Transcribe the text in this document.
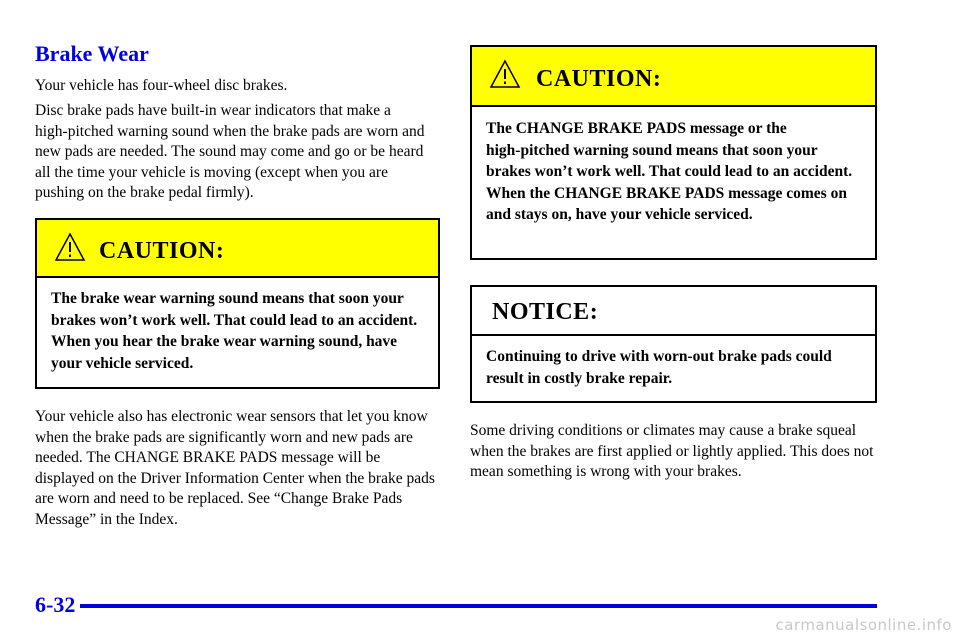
Brake Wear

Your vehicle has four‑wheel disc brakes.

Disc brake pads have built‑in wear indicators that make a high‑pitched warning sound when the brake pads are worn and new pads are needed. The sound may come and go or be heard all the time your vehicle is moving (except when you are pushing on the brake pedal firmly).

CAUTION:
The brake wear warning sound means that soon your brakes won’t work well. That could lead to an accident. When you hear the brake wear warning sound, have your vehicle serviced.

Your vehicle also has electronic wear sensors that let you know when the brake pads are significantly worn and new pads are needed. The CHANGE BRAKE PADS message will be displayed on the Driver Information Center when the brake pads are worn and need to be replaced. See “Change Brake Pads Message” in the Index.

CAUTION:
The CHANGE BRAKE PADS message or the high‑pitched warning sound means that soon your brakes won’t work well. That could lead to an accident. When the CHANGE BRAKE PADS message comes on and stays on, have your vehicle serviced.
NOTICE:
Continuing to drive with worn‑out brake pads could result in costly brake repair.

Some driving conditions or climates may cause a brake squeal when the brakes are first applied or lightly applied. This does not mean something is wrong with your brakes.

6-32

carmanualsonline.info
